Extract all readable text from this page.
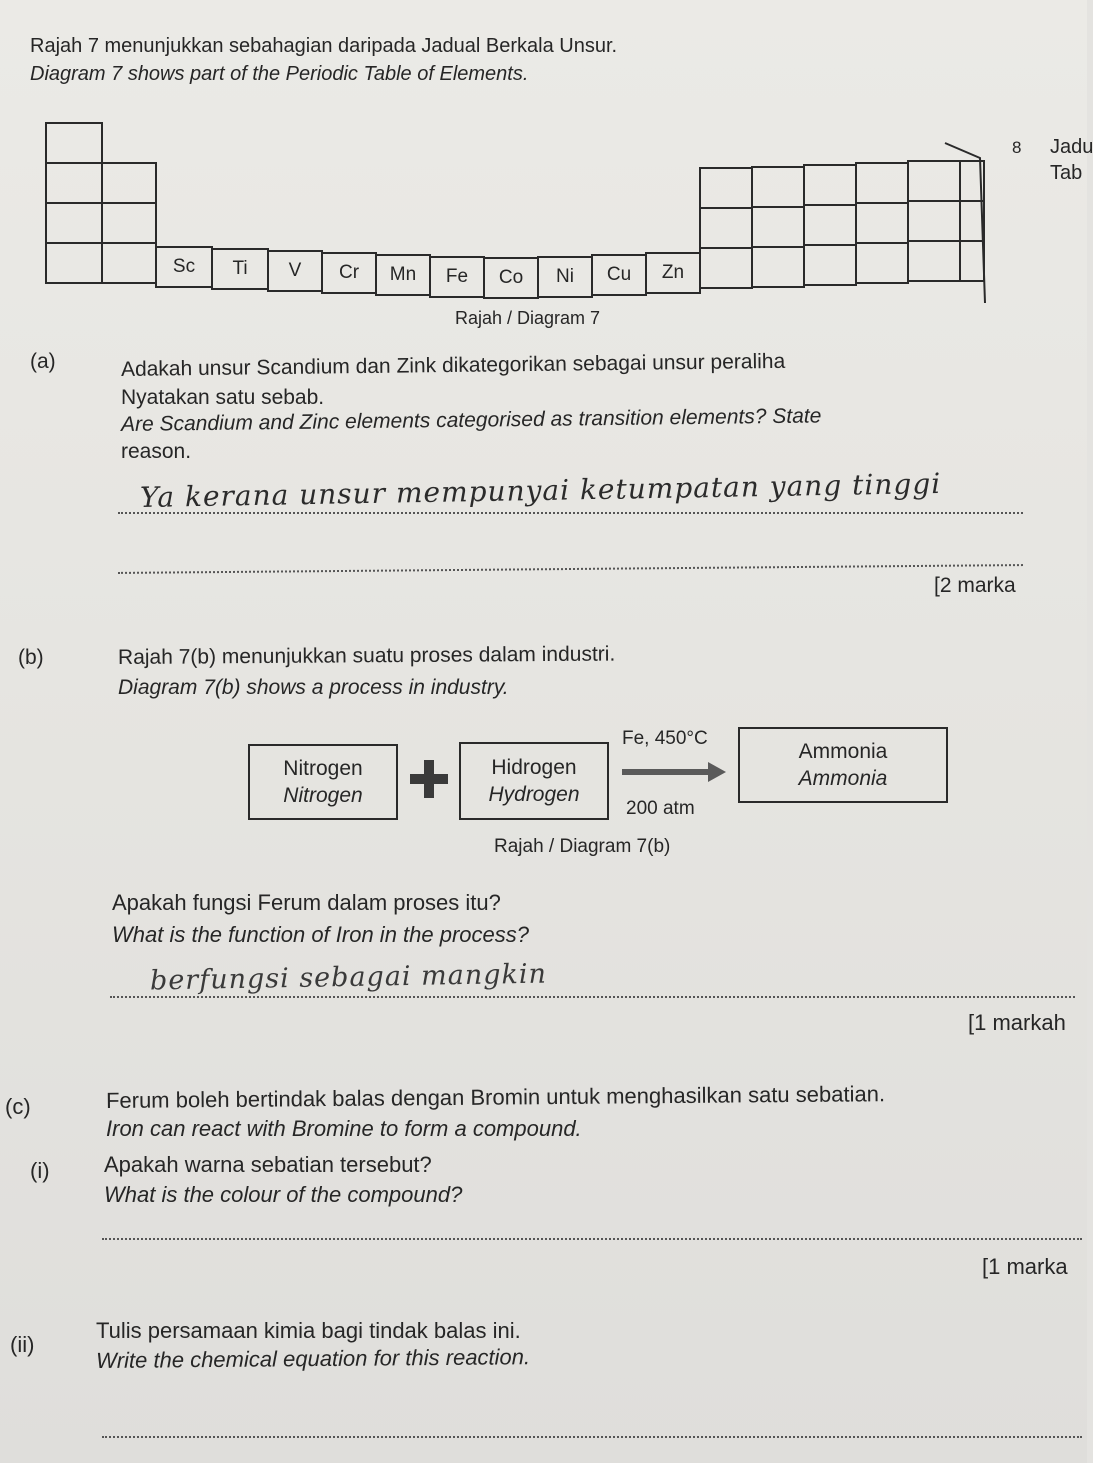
Rajah 7 menunjukkan sebahagian daripada Jadual Berkala Unsur.
Diagram 7 shows part of the Periodic Table of Elements.
Sc	Ti	V	Cr	Mn	Fe	Co	Ni	Cu	Zn
8 Jadu
Tab
Rajah / Diagram 7
(a)	Adakah unsur Scandium dan Zink dikategorikan sebagai unsur peraliha
Nyatakan satu sebab.
Are Scandium and Zinc elements categorised as transition elements? State
reason.
Ya kerana unsur mempunyai ketumpatan yang tinggi
[2 marka
(b)	Rajah 7(b) menunjukkan suatu proses dalam industri.
Diagram 7(b) shows a process in industry.
Nitrogen
Nitrogen
Hidrogen
Hydrogen
Fe, 450°C
200 atm
Ammonia
Ammonia
Rajah / Diagram 7(b)
Apakah fungsi Ferum dalam proses itu?
What is the function of Iron in the process?
berfungsi sebagai mangkin
[1 markah
(c)	Ferum boleh bertindak balas dengan Bromin untuk menghasilkan satu sebatian.
Iron can react with Bromine to form a compound.
(i) Apakah warna sebatian tersebut?
What is the colour of the compound?
[1 marka
(ii)
Tulis persamaan kimia bagi tindak balas ini.
Write the chemical equation for this reaction.
